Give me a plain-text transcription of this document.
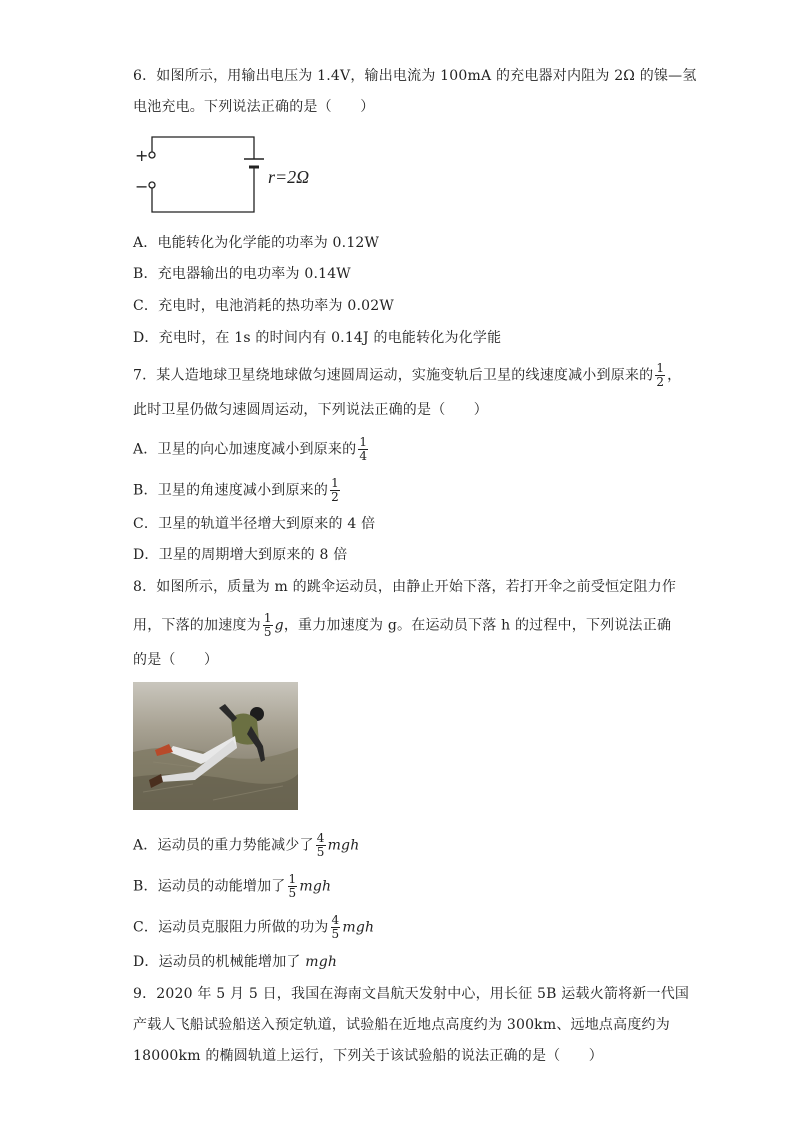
6．如图所示，用输出电压为 1.4V，输出电流为 100mA 的充电器对内阻为 2Ω 的镍—氢
电池充电。下列说法正确的是（　　）
+
−	r=2Ω
A．电能转化为化学能的功率为 0.12W
B．充电器输出的电功率为 0.14W
C．充电时，电池消耗的热功率为 0.02W
D．充电时，在 1s 的时间内有 0.14J 的电能转化为化学能
7．某人造地球卫星绕地球做匀速圆周运动，实施变轨后卫星的线速度减小到原来的 $\frac{1}{2}$ ，
此时卫星仍做匀速圆周运动，下列说法正确的是（　　）
A．卫星的向心加速度减小到原来的 $\frac{1}{4}$
B．卫星的角速度减小到原来的 $\frac{1}{2}$
C．卫星的轨道半径增大到原来的 4 倍
D．卫星的周期增大到原来的 8 倍
8．如图所示，质量为 m 的跳伞运动员，由静止开始下落，若打开伞之前受恒定阻力作
用，下落的加速度为 $\frac{1}{5}$ g，重力加速度为 g。在运动员下落 h 的过程中，下列说法正确
的是（　　）
A．运动员的重力势能减少了 $\frac{4}{5}$ mgh
B．运动员的动能增加了 $\frac{1}{5}$ mgh
C．运动员克服阻力所做的功为 $\frac{4}{5}$ mgh
D．运动员的机械能增加了 mgh
9．2020 年 5 月 5 日，我国在海南文昌航天发射中心，用长征 5B 运载火箭将新一代国
产载人飞船试验船送入预定轨道，试验船在近地点高度约为 300km、远地点高度约为
18000km 的椭圆轨道上运行，下列关于该试验船的说法正确的是（　　）
